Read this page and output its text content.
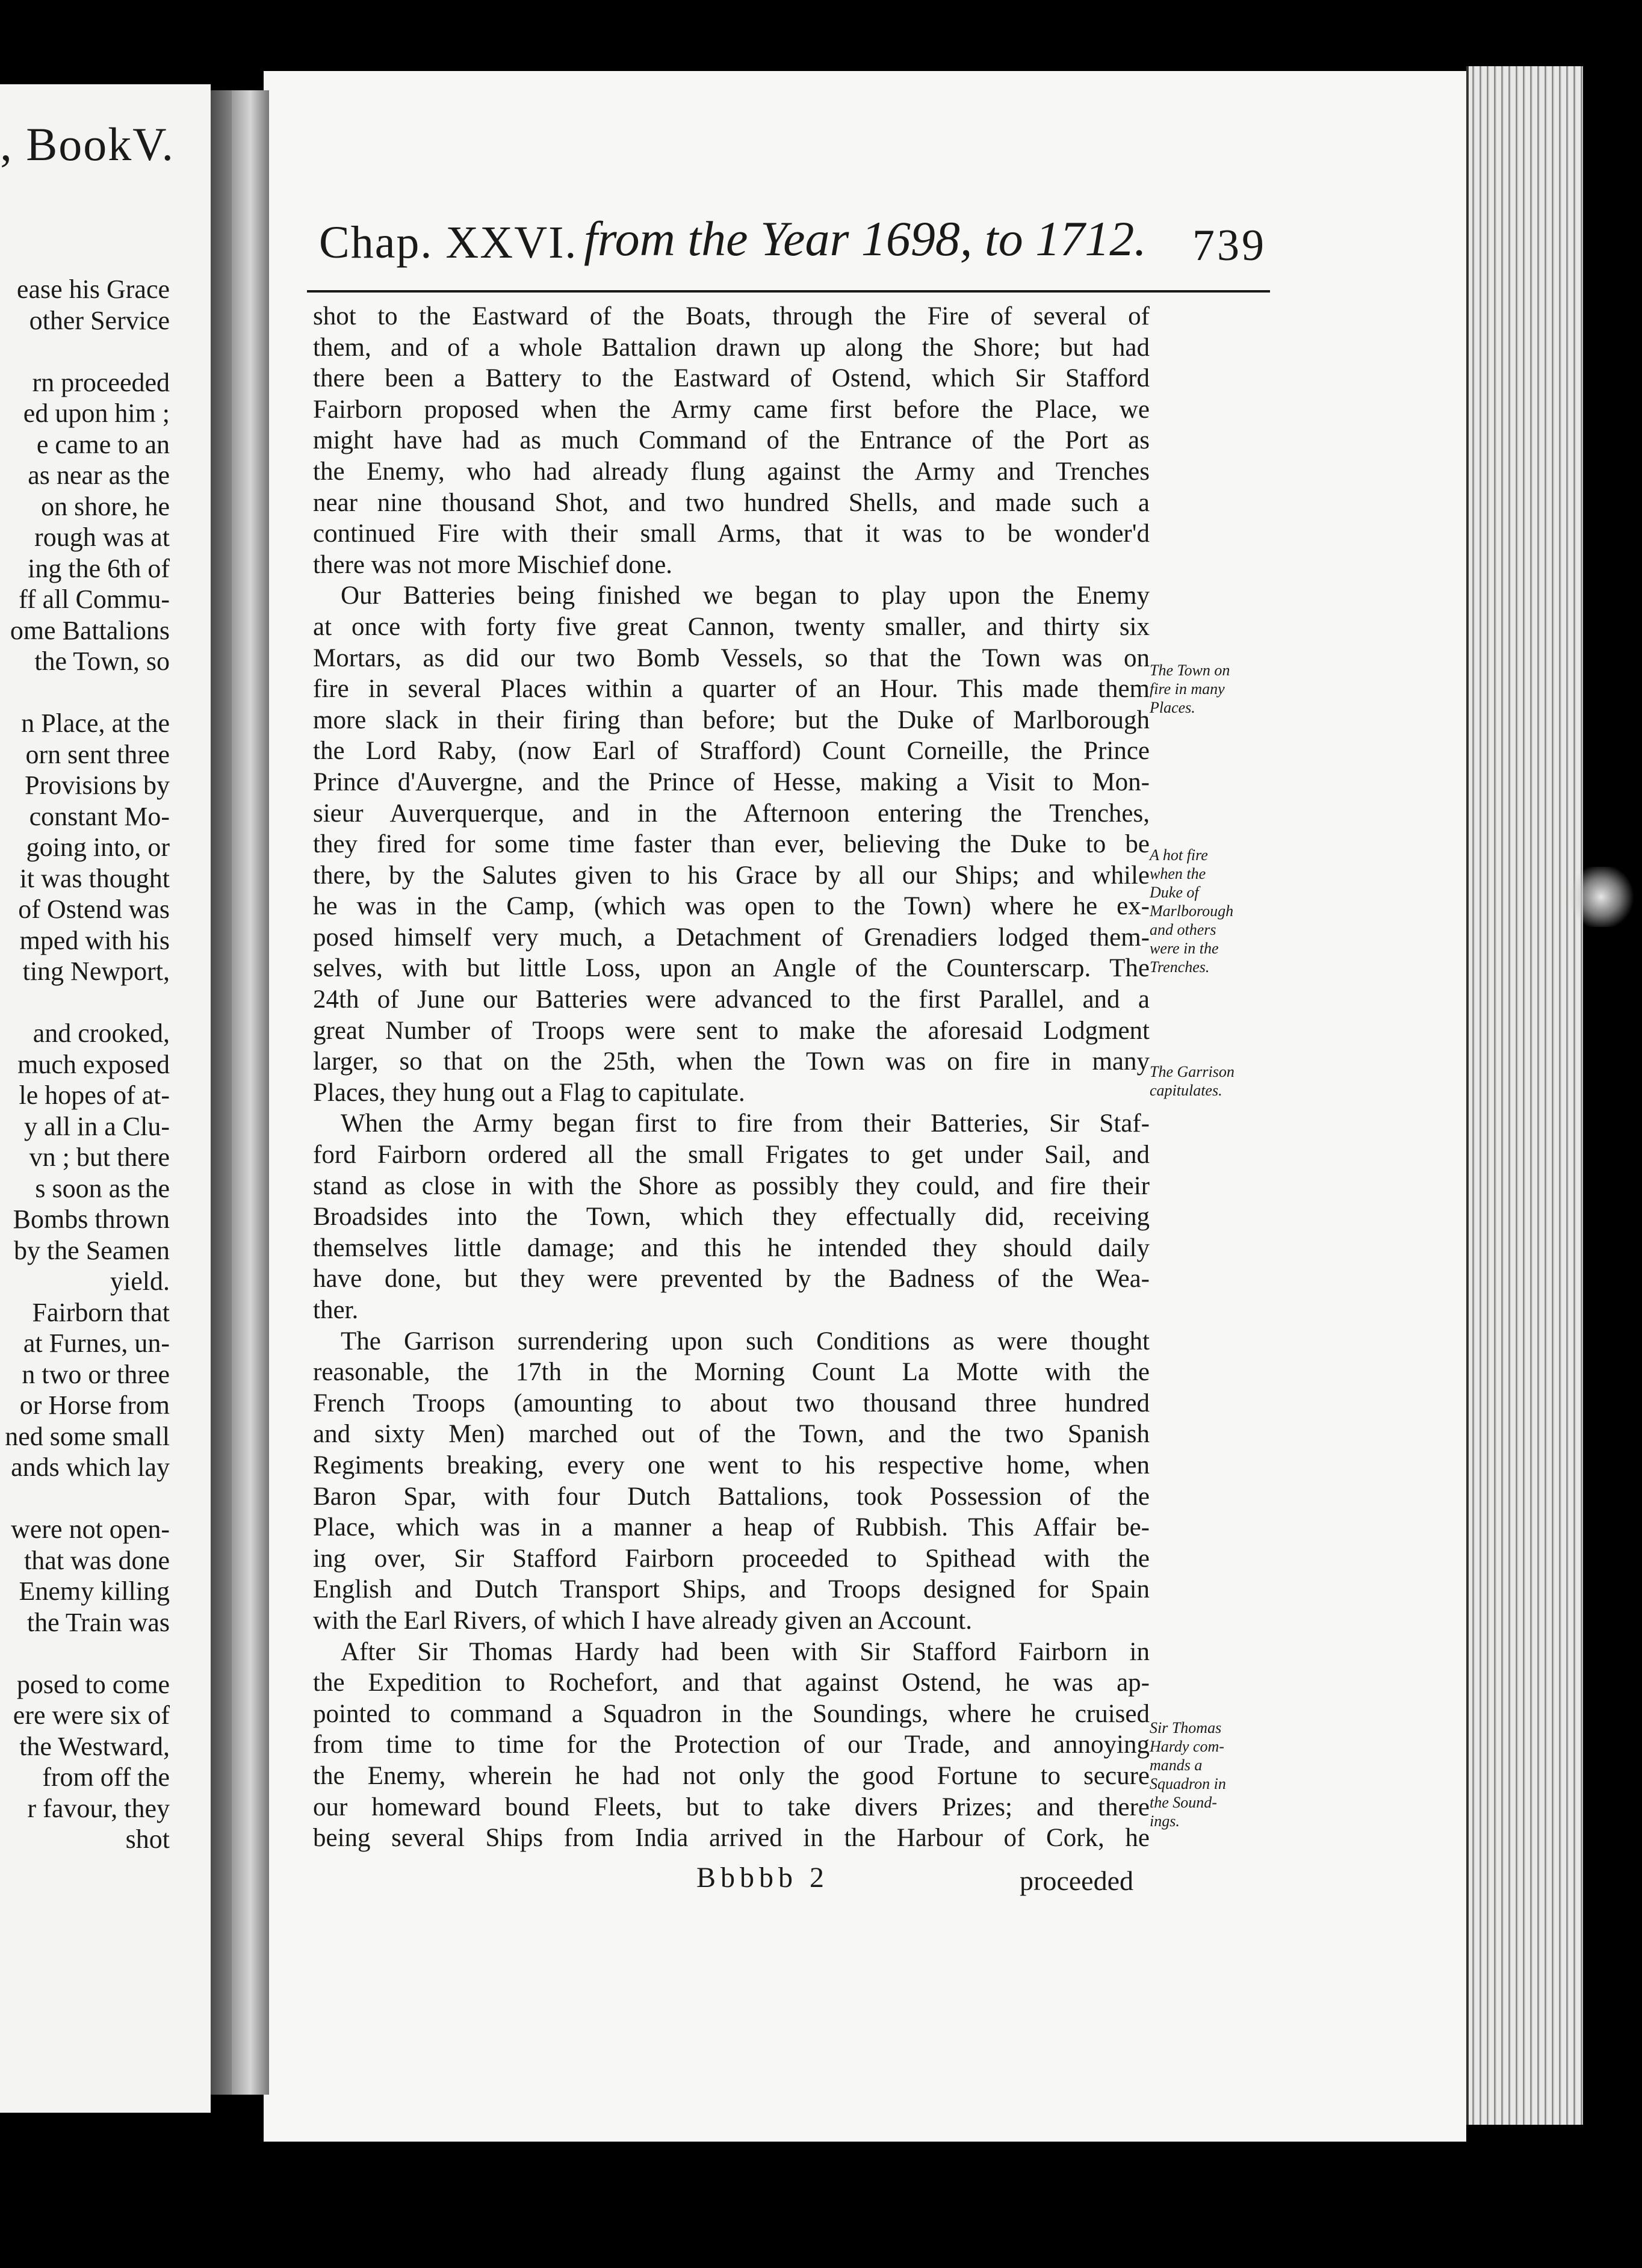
, BookV.
ease his Grace
other Service
rn proceeded
ed upon him ;
e came to an
as near as the
on shore, he
rough was at
ing the 6th of
ff all Commu-
ome Battalions
the Town, so
n Place, at the
orn sent three
Provisions by
constant Mo-
going into, or
it was thought
of Ostend was
mped with his
ting Newport,
and crooked,
much exposed
le hopes of at-
y all in a Clu-
vn ; but there
s soon as the
Bombs thrown
by the Seamen
yield.
Fairborn that
at Furnes, un-
n two or three
or Horse from
ned some small
ands which lay
were not open-
that was done
Enemy killing
the Train was
posed to come
ere were six of
the Westward,
from off the
r favour, they
shot
Chap. XXVI. from the Year 1698, to 1712. 739
shot to the Eastward of the Boats, through the Fire of several of
them, and of a whole Battalion drawn up along the Shore; but had
there been a Battery to the Eastward of Ostend, which Sir Stafford
Fairborn proposed when the Army came first before the Place, we
might have had as much Command of the Entrance of the Port as
the Enemy, who had already flung against the Army and Trenches
near nine thousand Shot, and two hundred Shells, and made such a
continued Fire with their small Arms, that it was to be wonder'd
there was not more Mischief done.
Our Batteries being finished we began to play upon the Enemy
at once with forty five great Cannon, twenty smaller, and thirty six
Mortars, as did our two Bomb Vessels, so that the Town was on
fire in several Places within a quarter of an Hour. This made them
more slack in their firing than before; but the Duke of Marlborough
the Lord Raby, (now Earl of Strafford) Count Corneille, the Prince
Prince d'Auvergne, and the Prince of Hesse, making a Visit to Mon-
sieur Auverquerque, and in the Afternoon entering the Trenches,
they fired for some time faster than ever, believing the Duke to be
there, by the Salutes given to his Grace by all our Ships; and while
he was in the Camp, (which was open to the Town) where he ex-
posed himself very much, a Detachment of Grenadiers lodged them-
selves, with but little Loss, upon an Angle of the Counterscarp. The
24th of June our Batteries were advanced to the first Parallel, and a
great Number of Troops were sent to make the aforesaid Lodgment
larger, so that on the 25th, when the Town was on fire in many
Places, they hung out a Flag to capitulate.
When the Army began first to fire from their Batteries, Sir Staf-
ford Fairborn ordered all the small Frigates to get under Sail, and
stand as close in with the Shore as possibly they could, and fire their
Broadsides into the Town, which they effectually did, receiving
themselves little damage; and this he intended they should daily
have done, but they were prevented by the Badness of the Wea-
ther.
The Garrison surrendering upon such Conditions as were thought
reasonable, the 17th in the Morning Count La Motte with the
French Troops (amounting to about two thousand three hundred
and sixty Men) marched out of the Town, and the two Spanish
Regiments breaking, every one went to his respective home, when
Baron Spar, with four Dutch Battalions, took Possession of the
Place, which was in a manner a heap of Rubbish. This Affair be-
ing over, Sir Stafford Fairborn proceeded to Spithead with the
English and Dutch Transport Ships, and Troops designed for Spain
with the Earl Rivers, of which I have already given an Account.
After Sir Thomas Hardy had been with Sir Stafford Fairborn in
the Expedition to Rochefort, and that against Ostend, he was ap-
pointed to command a Squadron in the Soundings, where he cruised
from time to time for the Protection of our Trade, and annoying
the Enemy, wherein he had not only the good Fortune to secure
our homeward bound Fleets, but to take divers Prizes; and there
being several Ships from India arrived in the Harbour of Cork, he
The Town on
fire in many
Places.
A hot fire
when the
Duke of
Marlborough
and others
were in the
Trenches.
The Garrison
capitulates.
Sir Thomas
Hardy com-
mands a
Squadron in
the Sound-
ings.
Bbbbb 2	proceeded
